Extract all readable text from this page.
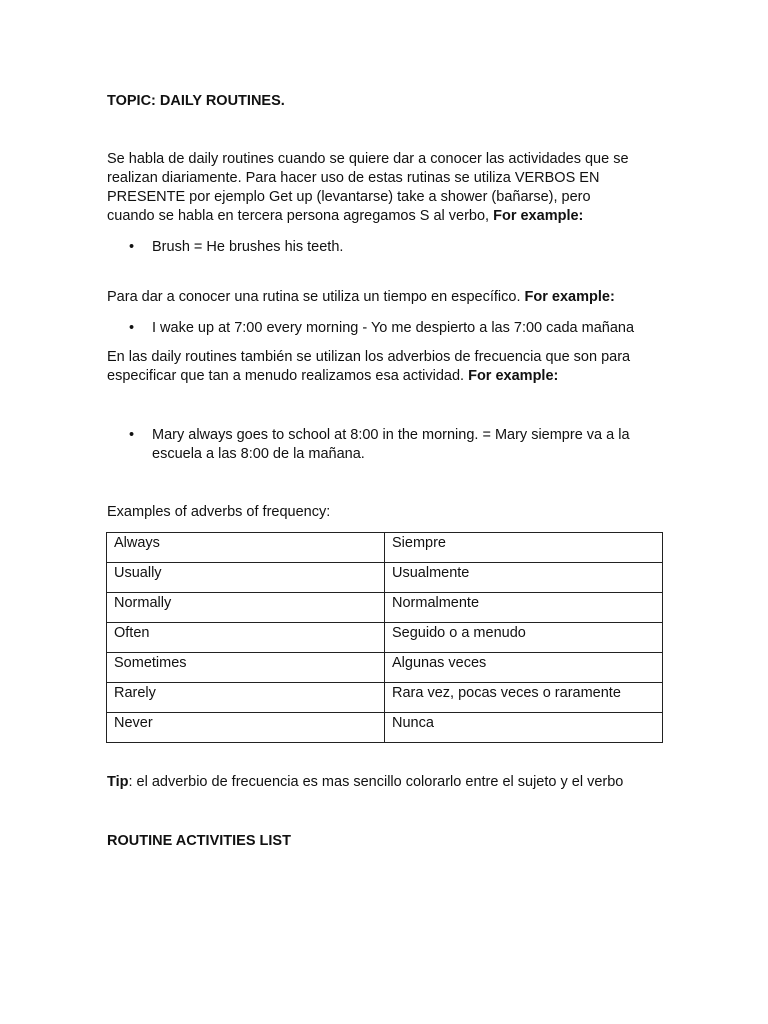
TOPIC: DAILY ROUTINES.
Se habla de daily routines cuando se quiere dar a conocer las actividades que se
realizan diariamente. Para hacer uso de estas rutinas se utiliza VERBOS EN
PRESENTE por ejemplo Get up (levantarse) take a shower (bañarse), pero
cuando se habla en tercera persona agregamos S al verbo, For example:
•	Brush = He brushes his teeth.
Para dar a conocer una rutina se utiliza un tiempo en específico. For example:
•	I wake up at 7:00 every morning - Yo me despierto a las 7:00 cada mañana
En las daily routines también se utilizan los adverbios de frecuencia que son para
especificar que tan a menudo realizamos esa actividad. For example:
•	Mary always goes to school at 8:00 in the morning. = Mary siempre va a la
escuela a las 8:00 de la mañana.
Examples of adverbs of frequency:
Always	Siempre
Usually	Usualmente
Normally	Normalmente
Often	Seguido o a menudo
Sometimes	Algunas veces
Rarely	Rara vez, pocas veces o raramente
Never	Nunca
Tip: el adverbio de frecuencia es mas sencillo colorarlo entre el sujeto y el verbo
ROUTINE ACTIVITIES LIST
